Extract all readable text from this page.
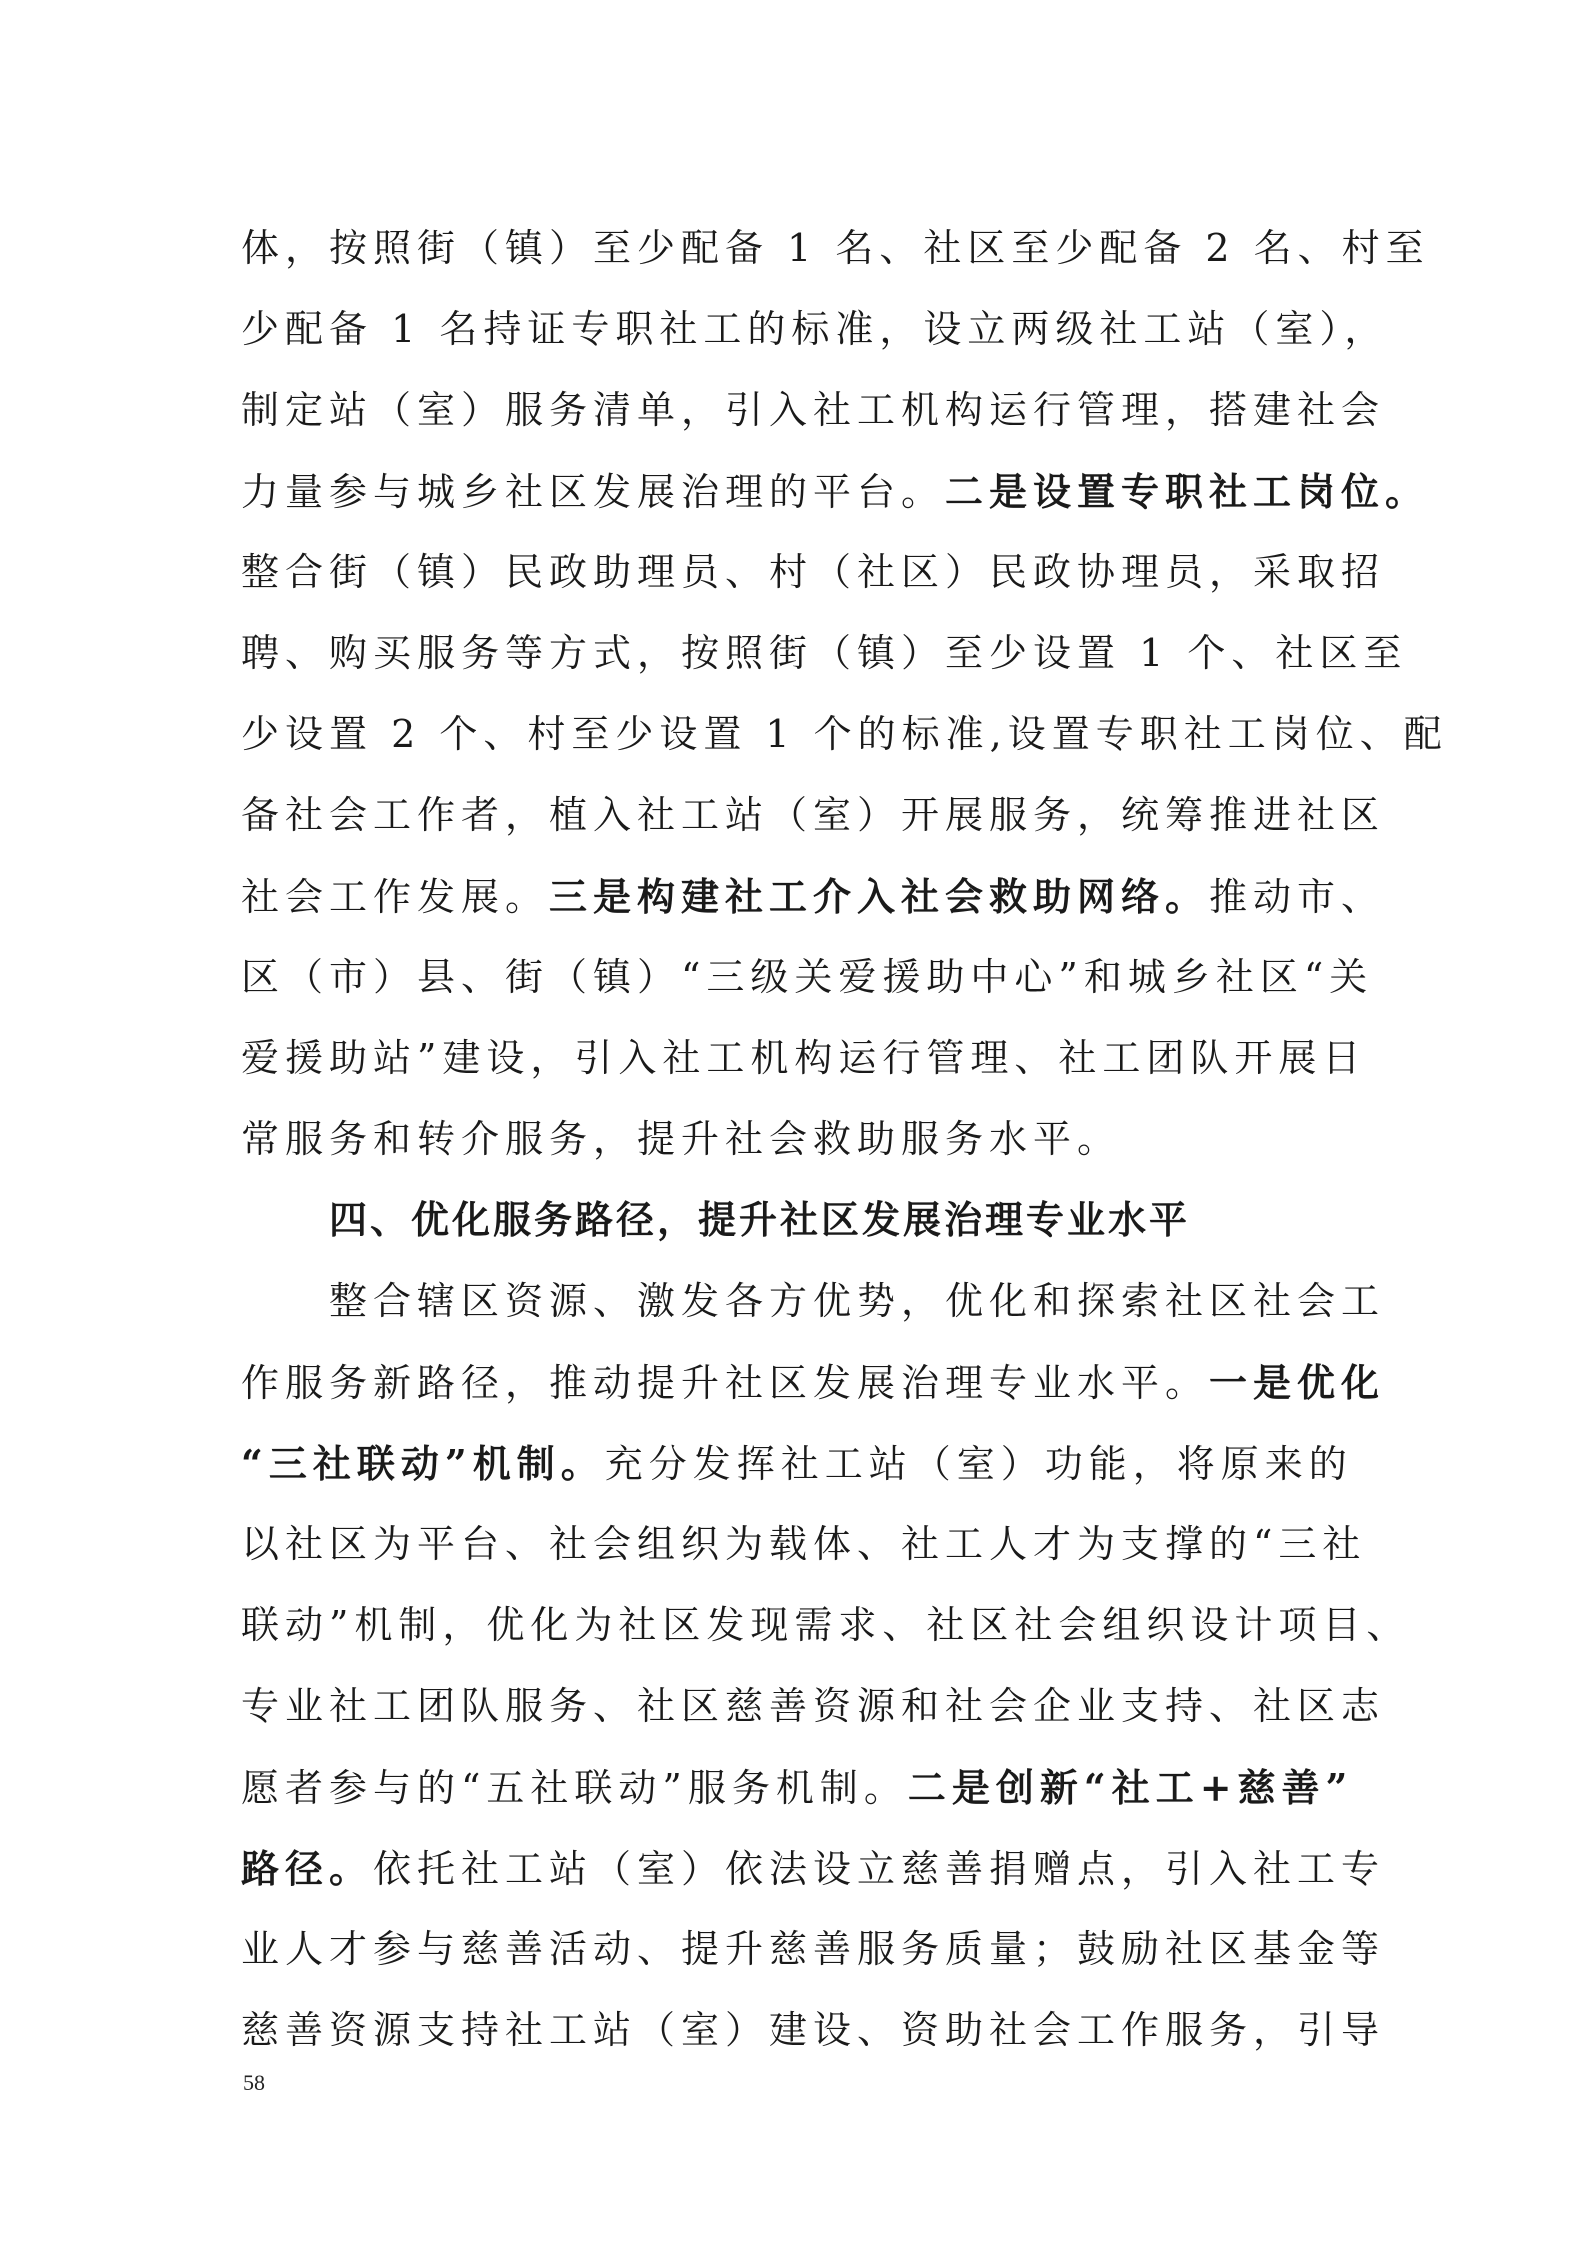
体，按照街（镇）至少配备 1 名、社区至少配备 2 名、村至
少配备 1 名持证专职社工的标准，设立两级社工站（室），
制定站（室）服务清单，引入社工机构运行管理，搭建社会
力量参与城乡社区发展治理的平台。二是设置专职社工岗位。
整合街（镇）民政助理员、村（社区）民政协理员，采取招
聘、购买服务等方式，按照街（镇）至少设置 1 个、社区至
少设置 2 个、村至少设置 1 个的标准,设置专职社工岗位、配
备社会工作者，植入社工站（室）开展服务，统筹推进社区
社会工作发展。三是构建社工介入社会救助网络。推动市、
区（市）县、街（镇）“三级关爱援助中心”和城乡社区“关
爱援助站”建设，引入社工机构运行管理、社工团队开展日
常服务和转介服务，提升社会救助服务水平。
四、优化服务路径，提升社区发展治理专业水平
整合辖区资源、激发各方优势，优化和探索社区社会工
作服务新路径，推动提升社区发展治理专业水平。一是优化
“三社联动”机制。充分发挥社工站（室）功能，将原来的
以社区为平台、社会组织为载体、社工人才为支撑的“三社
联动”机制，优化为社区发现需求、社区社会组织设计项目、
专业社工团队服务、社区慈善资源和社会企业支持、社区志
愿者参与的“五社联动”服务机制。二是创新“社工+慈善”
路径。依托社工站（室）依法设立慈善捐赠点，引入社工专
业人才参与慈善活动、提升慈善服务质量；鼓励社区基金等
慈善资源支持社工站（室）建设、资助社会工作服务，引导
58
